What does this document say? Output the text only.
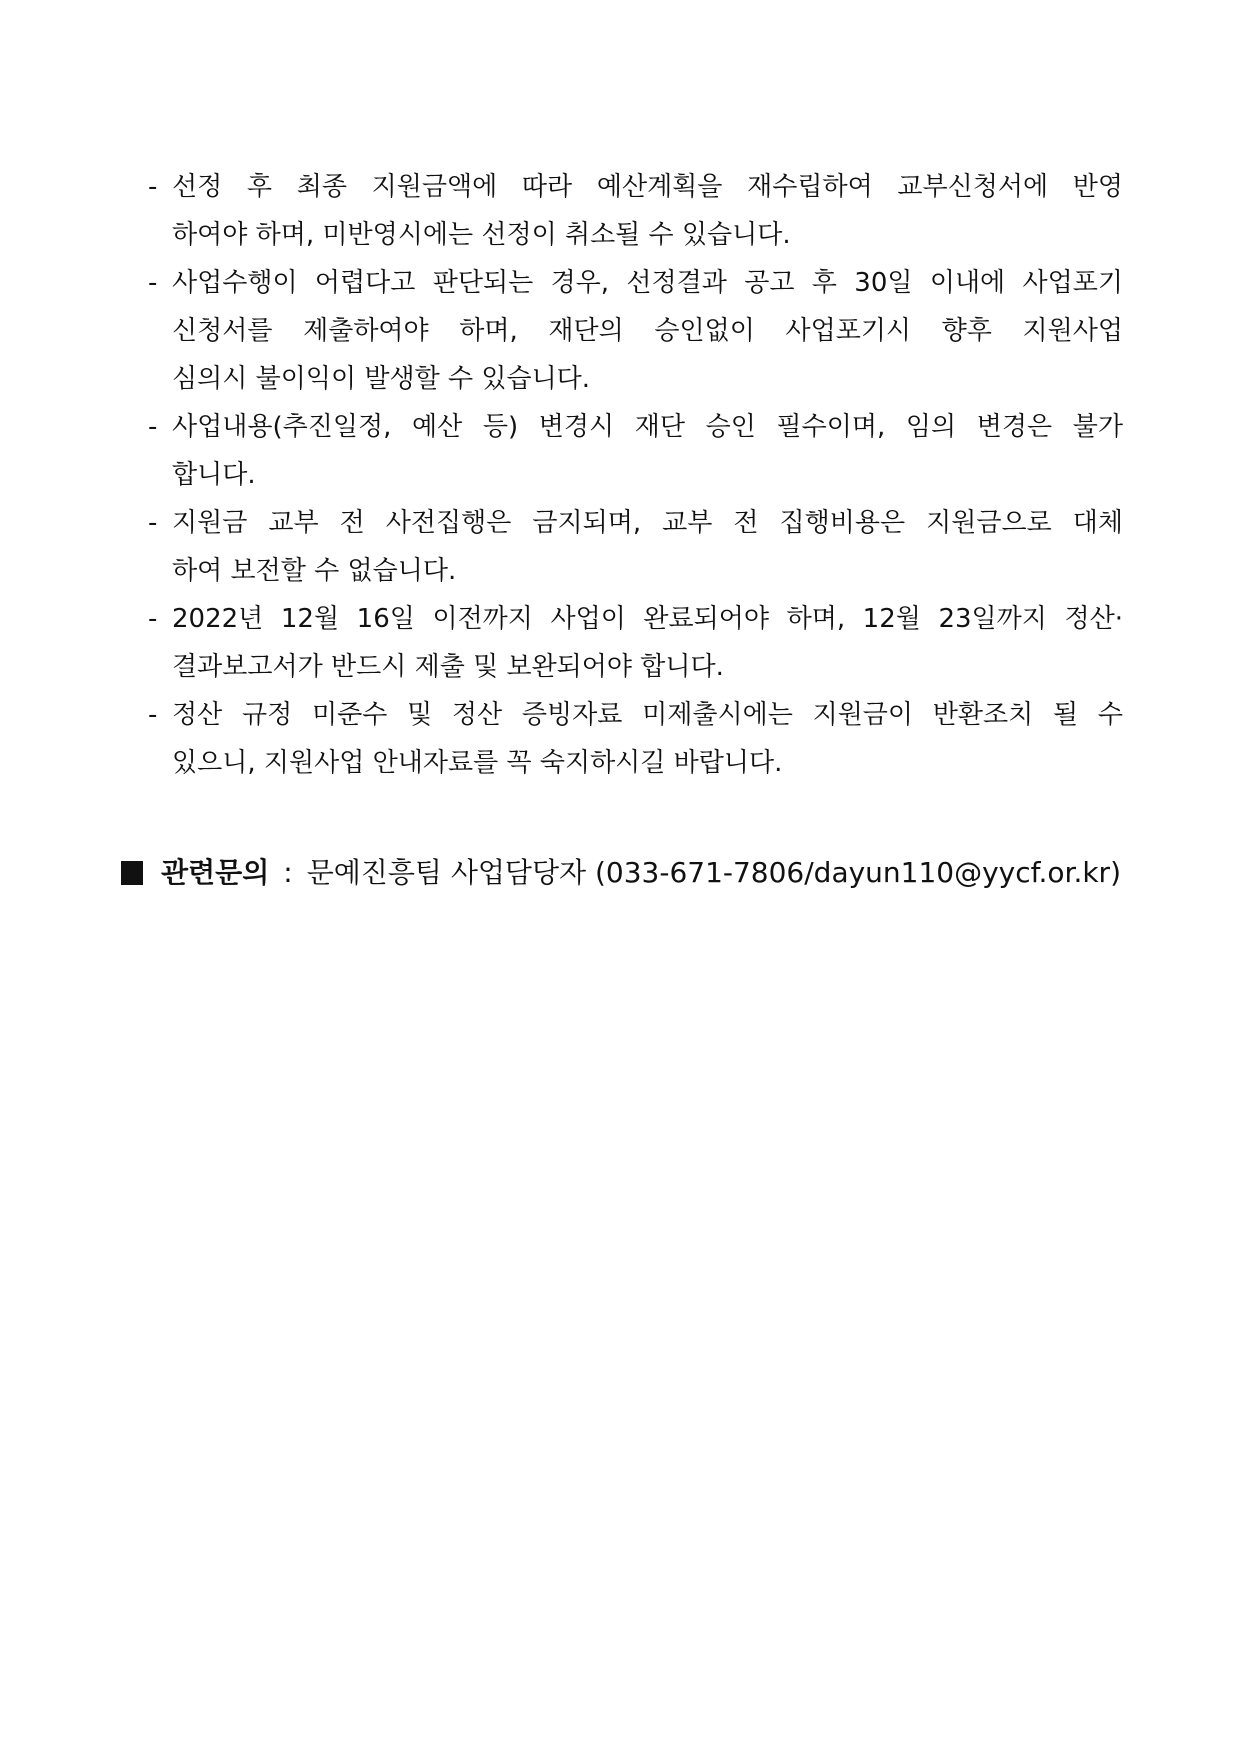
- 선정 후 최종 지원금액에 따라 예산계획을 재수립하여 교부신청서에 반영
하여야 하며, 미반영시에는 선정이 취소될 수 있습니다.
- 사업수행이 어렵다고 판단되는 경우, 선정결과 공고 후 30일 이내에 사업포기
신청서를 제출하여야 하며, 재단의 승인없이 사업포기시 향후 지원사업
심의시 불이익이 발생할 수 있습니다.
- 사업내용(추진일정, 예산 등) 변경시 재단 승인 필수이며, 임의 변경은 불가
합니다.
- 지원금 교부 전 사전집행은 금지되며, 교부 전 집행비용은 지원금으로 대체
하여 보전할 수 없습니다.
- 2022년 12월 16일 이전까지 사업이 완료되어야 하며, 12월 23일까지 정산·
결과보고서가 반드시 제출 및 보완되어야 합니다.
- 정산 규정 미준수 및 정산 증빙자료 미제출시에는 지원금이 반환조치 될 수
있으니, 지원사업 안내자료를 꼭 숙지하시길 바랍니다.
관련문의 : 문예진흥팀 사업담당자 (033-671-7806/dayun110@yycf.or.kr)
